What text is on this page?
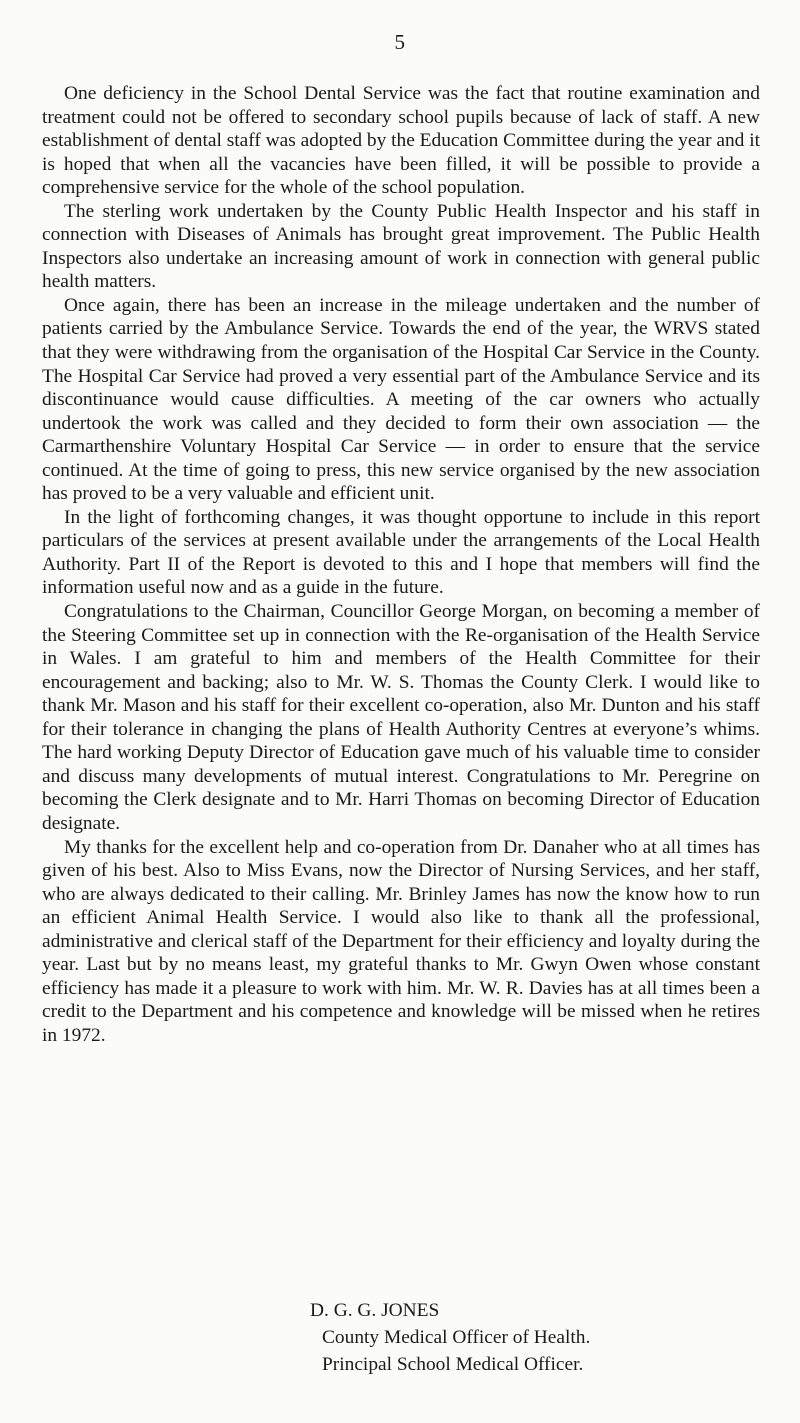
5

One deficiency in the School Dental Service was the fact that routine examination and treatment could not be offered to secondary school pupils because of lack of staff. A new establishment of dental staff was adopted by the Education Committee during the year and it is hoped that when all the vacancies have been filled, it will be possible to provide a comprehensive service for the whole of the school population.

The sterling work undertaken by the County Public Health Inspector and his staff in connection with Diseases of Animals has brought great improvement. The Public Health Inspectors also undertake an increasing amount of work in connection with general public health matters.

Once again, there has been an increase in the mileage undertaken and the number of patients carried by the Ambulance Service. Towards the end of the year, the WRVS stated that they were withdrawing from the organisation of the Hospital Car Service in the County. The Hospital Car Service had proved a very essential part of the Ambulance Service and its discontinuance would cause difficulties. A meeting of the car owners who actually undertook the work was called and they decided to form their own association — the Carmarthenshire Voluntary Hospital Car Service — in order to ensure that the service continued. At the time of going to press, this new service organised by the new association has proved to be a very valuable and efficient unit.

In the light of forthcoming changes, it was thought opportune to include in this report particulars of the services at present available under the arrangements of the Local Health Authority. Part II of the Report is devoted to this and I hope that members will find the information useful now and as a guide in the future.

Congratulations to the Chairman, Councillor George Morgan, on becoming a member of the Steering Committee set up in connection with the Re-organisation of the Health Service in Wales. I am grateful to him and members of the Health Committee for their encouragement and backing; also to Mr. W. S. Thomas the County Clerk. I would like to thank Mr. Mason and his staff for their excellent co-operation, also Mr. Dunton and his staff for their tolerance in changing the plans of Health Authority Centres at everyone’s whims. The hard working Deputy Director of Education gave much of his valuable time to consider and discuss many developments of mutual interest. Congratulations to Mr. Peregrine on becoming the Clerk designate and to Mr. Harri Thomas on becoming Director of Education designate.

My thanks for the excellent help and co-operation from Dr. Danaher who at all times has given of his best. Also to Miss Evans, now the Director of Nursing Services, and her staff, who are always dedicated to their calling. Mr. Brinley James has now the know how to run an efficient Animal Health Service. I would also like to thank all the professional, administrative and clerical staff of the Department for their efficiency and loyalty during the year. Last but by no means least, my grateful thanks to Mr. Gwyn Owen whose constant efficiency has made it a pleasure to work with him. Mr. W. R. Davies has at all times been a credit to the Department and his competence and knowledge will be missed when he retires in 1972.

D. G. G. JONES
County Medical Officer of Health.
Principal School Medical Officer.
